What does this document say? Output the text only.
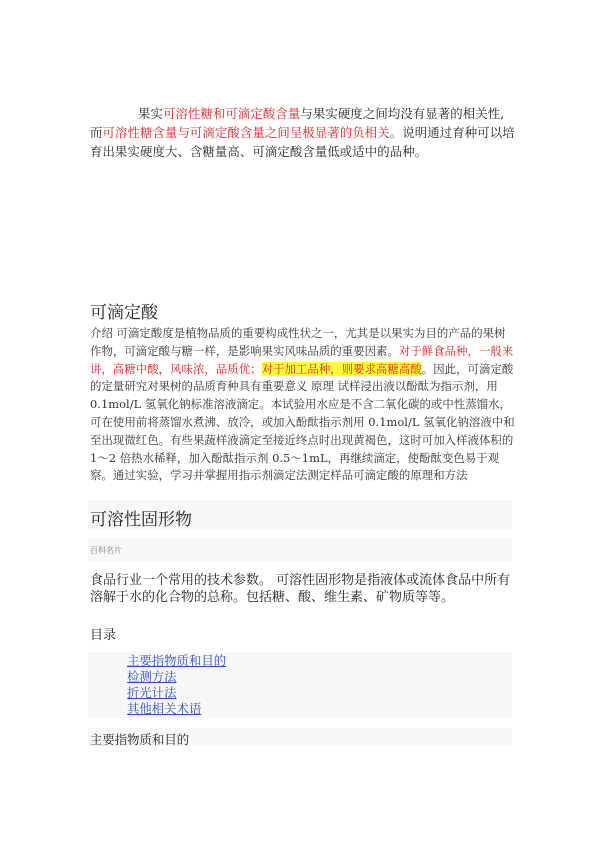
果实可溶性糖和可滴定酸含量与果实硬度之间均没有显著的相关性,而可溶性糖含量与可滴定酸含量之间呈极显著的负相关。说明通过育种可以培育出果实硬度大、含糖量高、可滴定酸含量低或适中的品种。

可滴定酸

介绍 可滴定酸度是植物品质的重要构成性状之一，尤其是以果实为目的产品的果树作物，可滴定酸与糖一样，是影响果实风味品质的重要因素。对于鲜食品种，一般来讲，高糖中酸，风味浓，品质优；对于加工品种，则要求高糖高酸。因此，可滴定酸的定量研究对果树的品质育种具有重要意义 原理 试样浸出液以酚酞为指示剂，用 0.1mol/L 氢氧化钠标准溶液滴定。本试验用水应是不含二氧化碳的或中性蒸馏水，可在使用前将蒸馏水煮沸、放冷，或加入酚酞指示剂用 0.1mol/L 氢氧化钠溶液中和至出现微红色。有些果蔬样液滴定至接近终点时出现黄褐色，这时可加入样液体积的 1～2 倍热水稀释，加入酚酞指示剂 0.5～1mL，再继续滴定，使酚酞变色易于观察。通过实验，学习并掌握用指示剂滴定法测定样品可滴定酸的原理和方法

可溶性固形物
百科名片

食品行业一个常用的技术参数。 可溶性固形物是指液体或流体食品中所有溶解于水的化合物的总称。包括糖、酸、维生素、矿物质等等。

目录
主要指物质和目的
检测方法
折光计法
其他相关术语
主要指物质和目的
